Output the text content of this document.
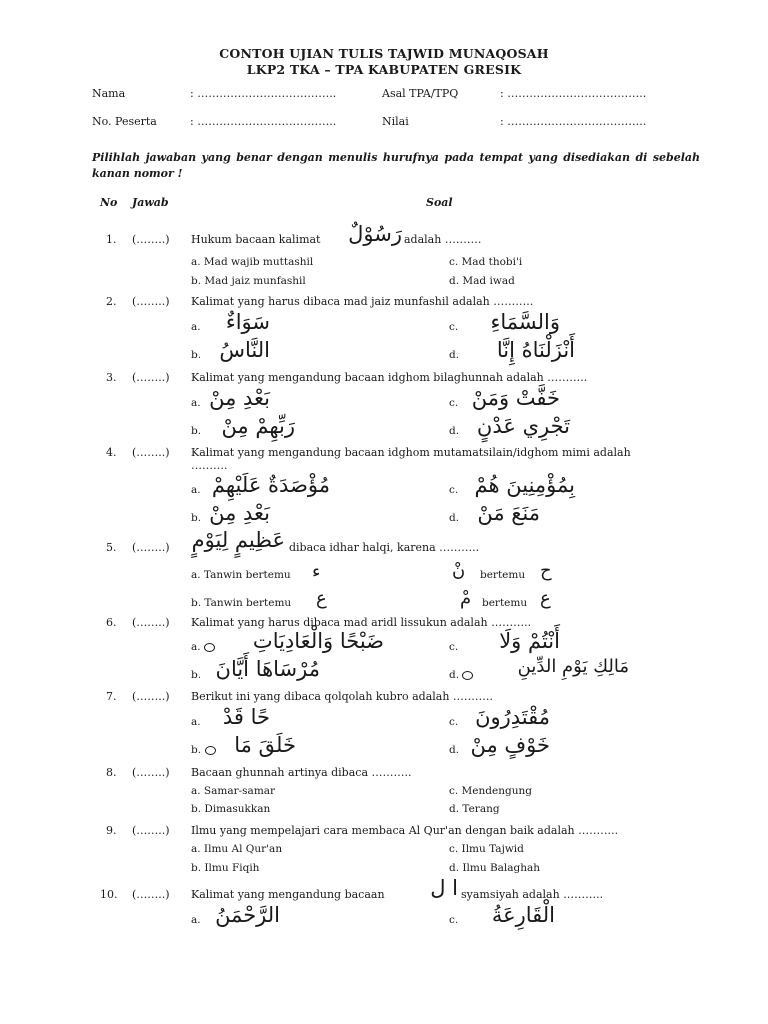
CONTOH UJIAN TULIS TAJWID MUNAQOSAH
LKP2 TKA – TPA KABUPATEN GRESIK
Nama	: ………………………………..	Asal TPA/TPQ	: ………………………………..
No. Peserta	: ………………………………..	Nilai	: ………………………………..
Pilihlah jawaban yang benar dengan menulis hurufnya pada tempat yang disediakan di sebelah kanan nomor !
No Jawab	Soal
1. (……..) Hukum bacaan kalimat	رَسُوْلٌ adalah ……….
a. Mad wajib muttashil	c. Mad thobi'i
b. Mad jaiz munfashil	d. Mad iwad
2. (……..) Kalimat yang harus dibaca mad jaiz munfashil adalah ………..
a.	سَوَاءٌ	c.	وَالسَّمَاءِ
b. النَّاسُ	d.	أَنْزَلْنَاهُ إِنَّا
3. (……..) Kalimat yang mengandung bacaan idghom bilaghunnah adalah ………..
a. بَعْدِ مِنْ	c. خَفَّتْ وَمَنْ
b. رَبِّهِمْ مِنْ	d. تَجْرِي عَدْنٍ
4. (……..) Kalimat yang mengandung bacaan idghom mutamatsilain/idghom mimi adalah ……….
a. مُؤْصَدَةٌ عَلَيْهِمْ	c. بِمُؤْمِنِينَ هُمْ
b. بَعْدِ مِنْ	d. مَنَعَ مَنْ
5. (……..) عَظِيمٍ لِيَوْمٍ dibaca idhar halqi, karena ………..
a. Tanwin bertemu ء	نْ bertemu ح
b. Tanwin bertemu ع	مْ bertemu ع
6. (……..) Kalimat yang harus dibaca mad aridl lissukun adalah ………..
a.	ضَبْحًا وَالْعَادِيَاتِ	c.	أَنْتُمْ وَلَا
b. مُرْسَاهَا أَيَّانَ	d.	مَالِكِ يَوْمِ الدِّينِ
7. (……..) Berikut ini yang dibaca qolqolah kubro adalah ………..
a.	حًا قَدْ	c. مُقْتَدِرُونَ
b.	خَلَقَ مَا	d. خَوْفٍ مِنْ
8. (……..) Bacaan ghunnah artinya dibaca ………..
a. Samar-samar	c. Mendengung
b. Dimasukkan	d. Terang
9. (……..) Ilmu yang mempelajari cara membaca Al Qur'an dengan baik adalah ………..
a. Ilmu Al Qur'an	c. Ilmu Tajwid
b. Ilmu Fiqih	d. Ilmu Balaghah
10. (……..) Kalimat yang mengandung bacaan	ا ل syamsiyah adalah ………..
a. الرَّحْمَنُ	c.	الْقَارِعَةُ
